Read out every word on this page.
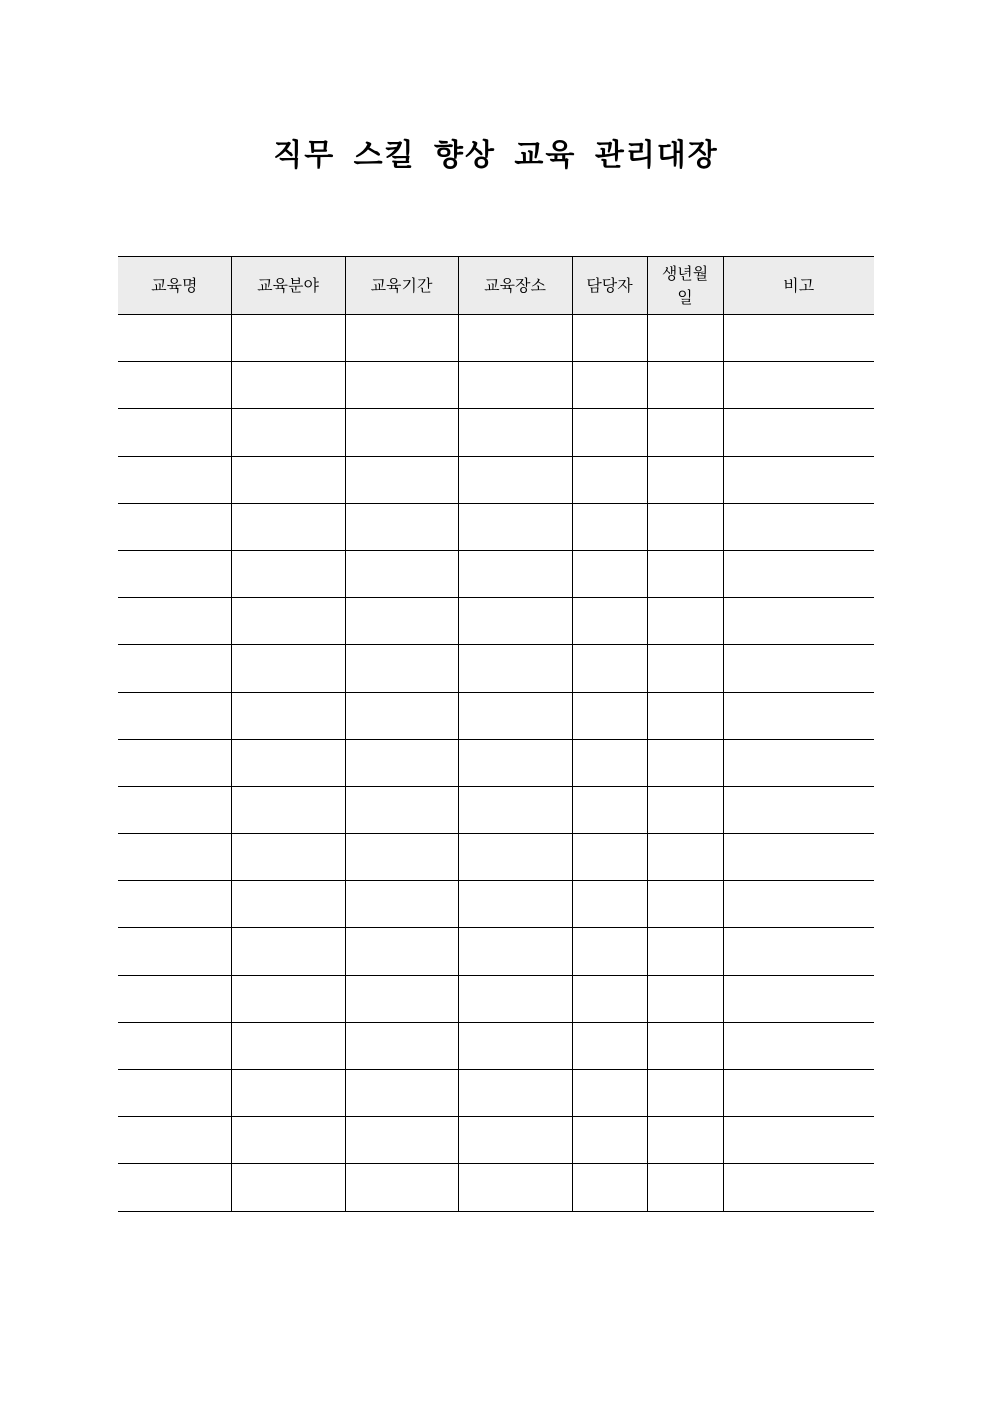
직무 스킬 향상 교육 관리대장
교육명	교육분야	교육기간	교육장소	담당자	생년월일	비고
